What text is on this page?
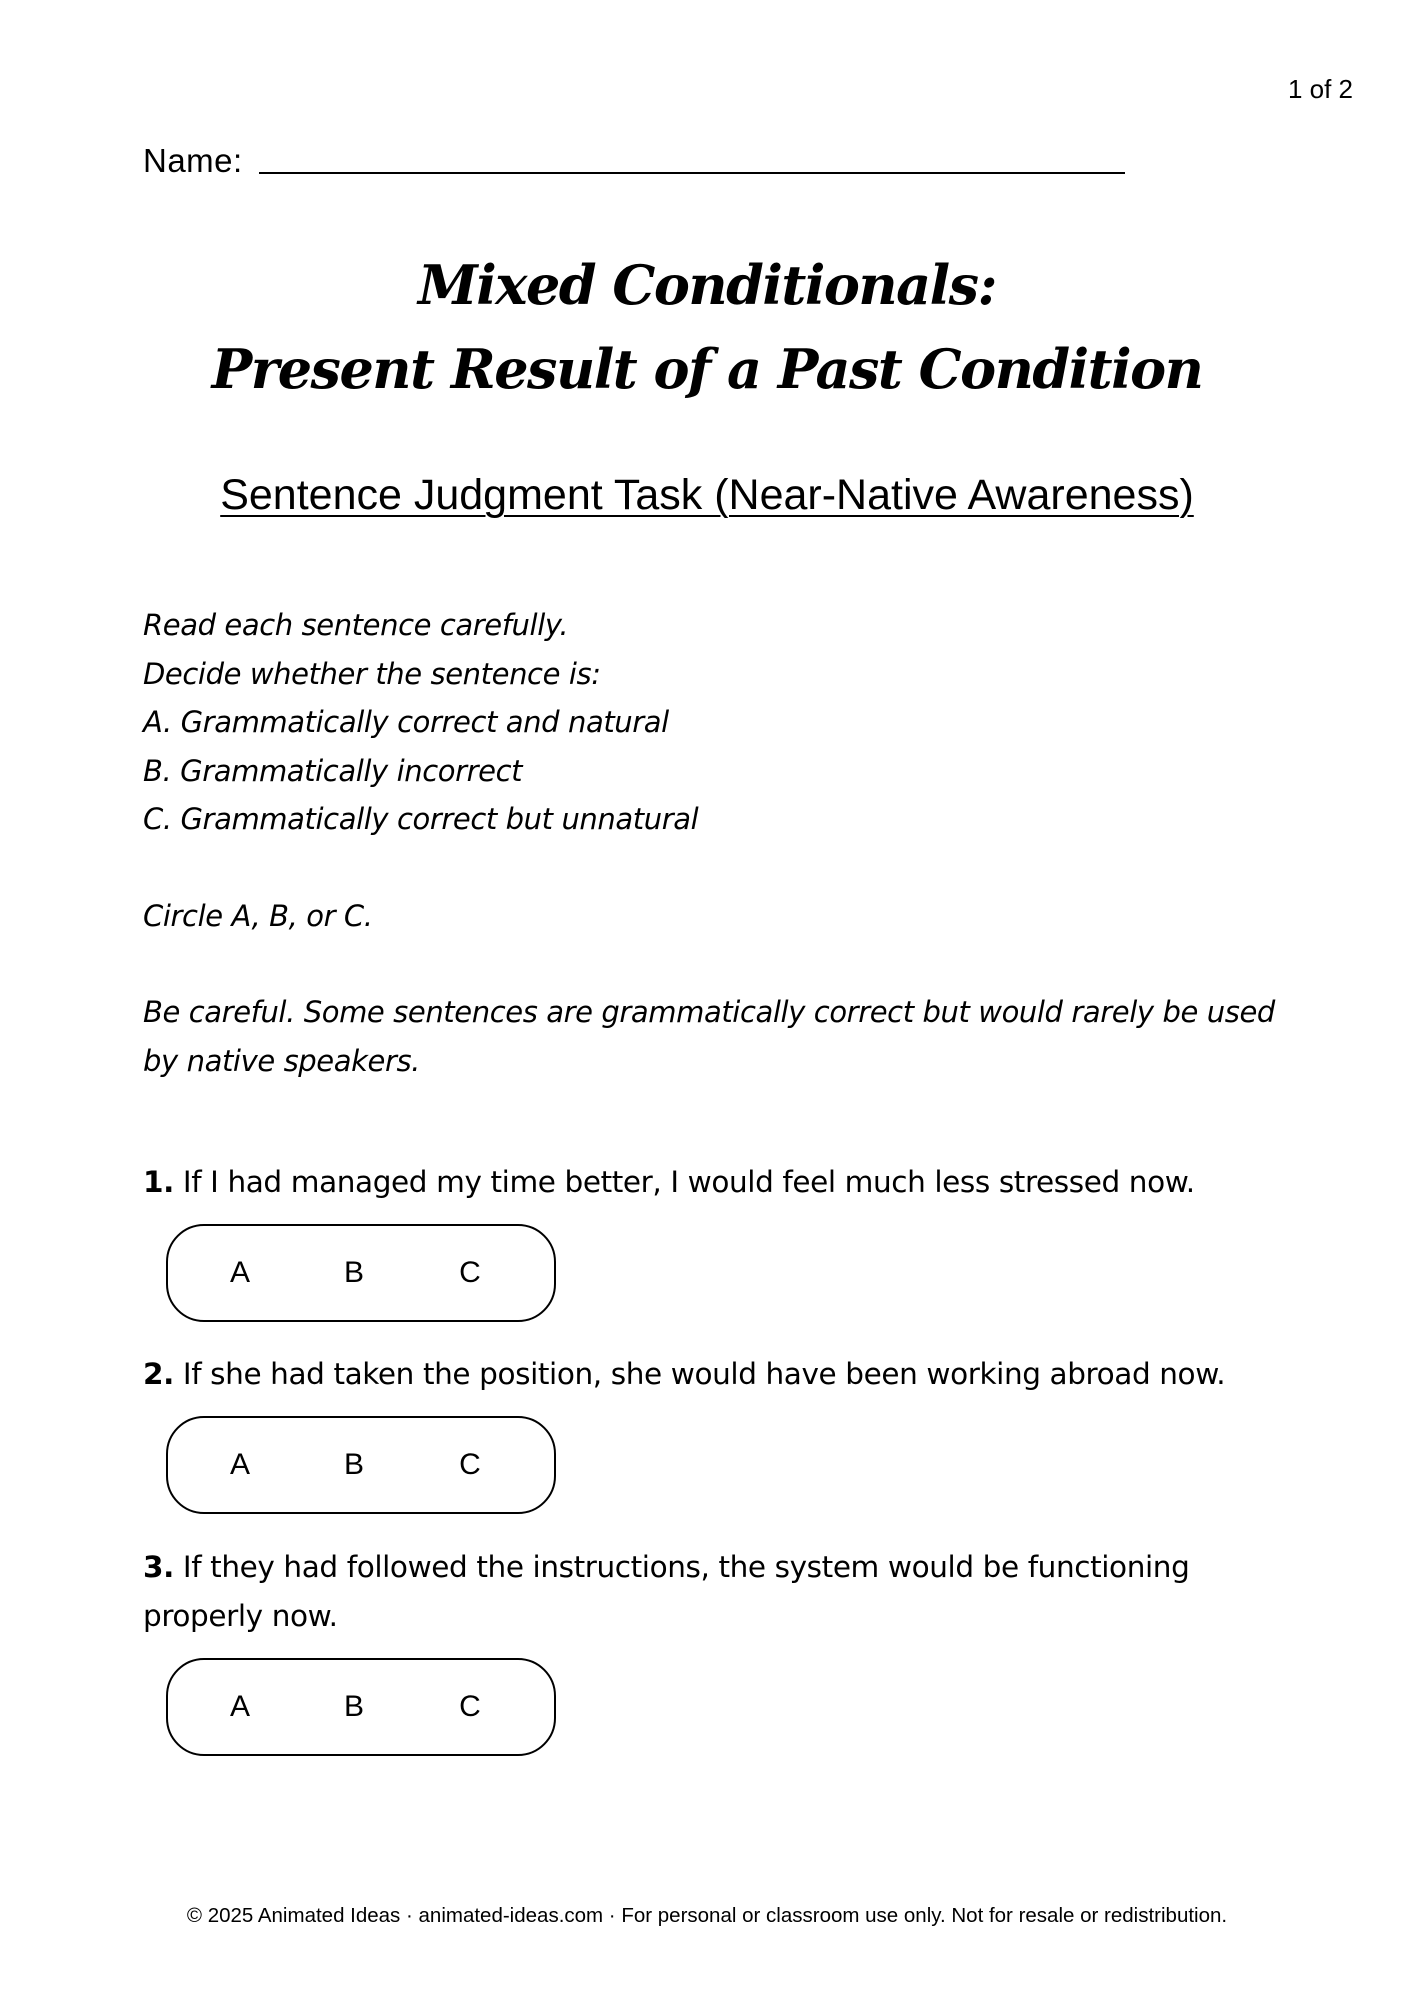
1 of 2
Name:
Mixed Conditionals:
Present Result of a Past Condition
Sentence Judgment Task (Near-Native Awareness)
Read each sentence carefully.
Decide whether the sentence is:
A. Grammatically correct and natural
B. Grammatically incorrect
C. Grammatically correct but unnatural
Circle A, B, or C.
Be careful. Some sentences are grammatically correct but would rarely be used by native speakers.
1. If I had managed my time better, I would feel much less stressed now.
A	B	C
2. If she had taken the position, she would have been working abroad now.
A	B	C
3. If they had followed the instructions, the system would be functioning properly now.
A	B	C
© 2025 Animated Ideas · animated-ideas.com · For personal or classroom use only. Not for resale or redistribution.
